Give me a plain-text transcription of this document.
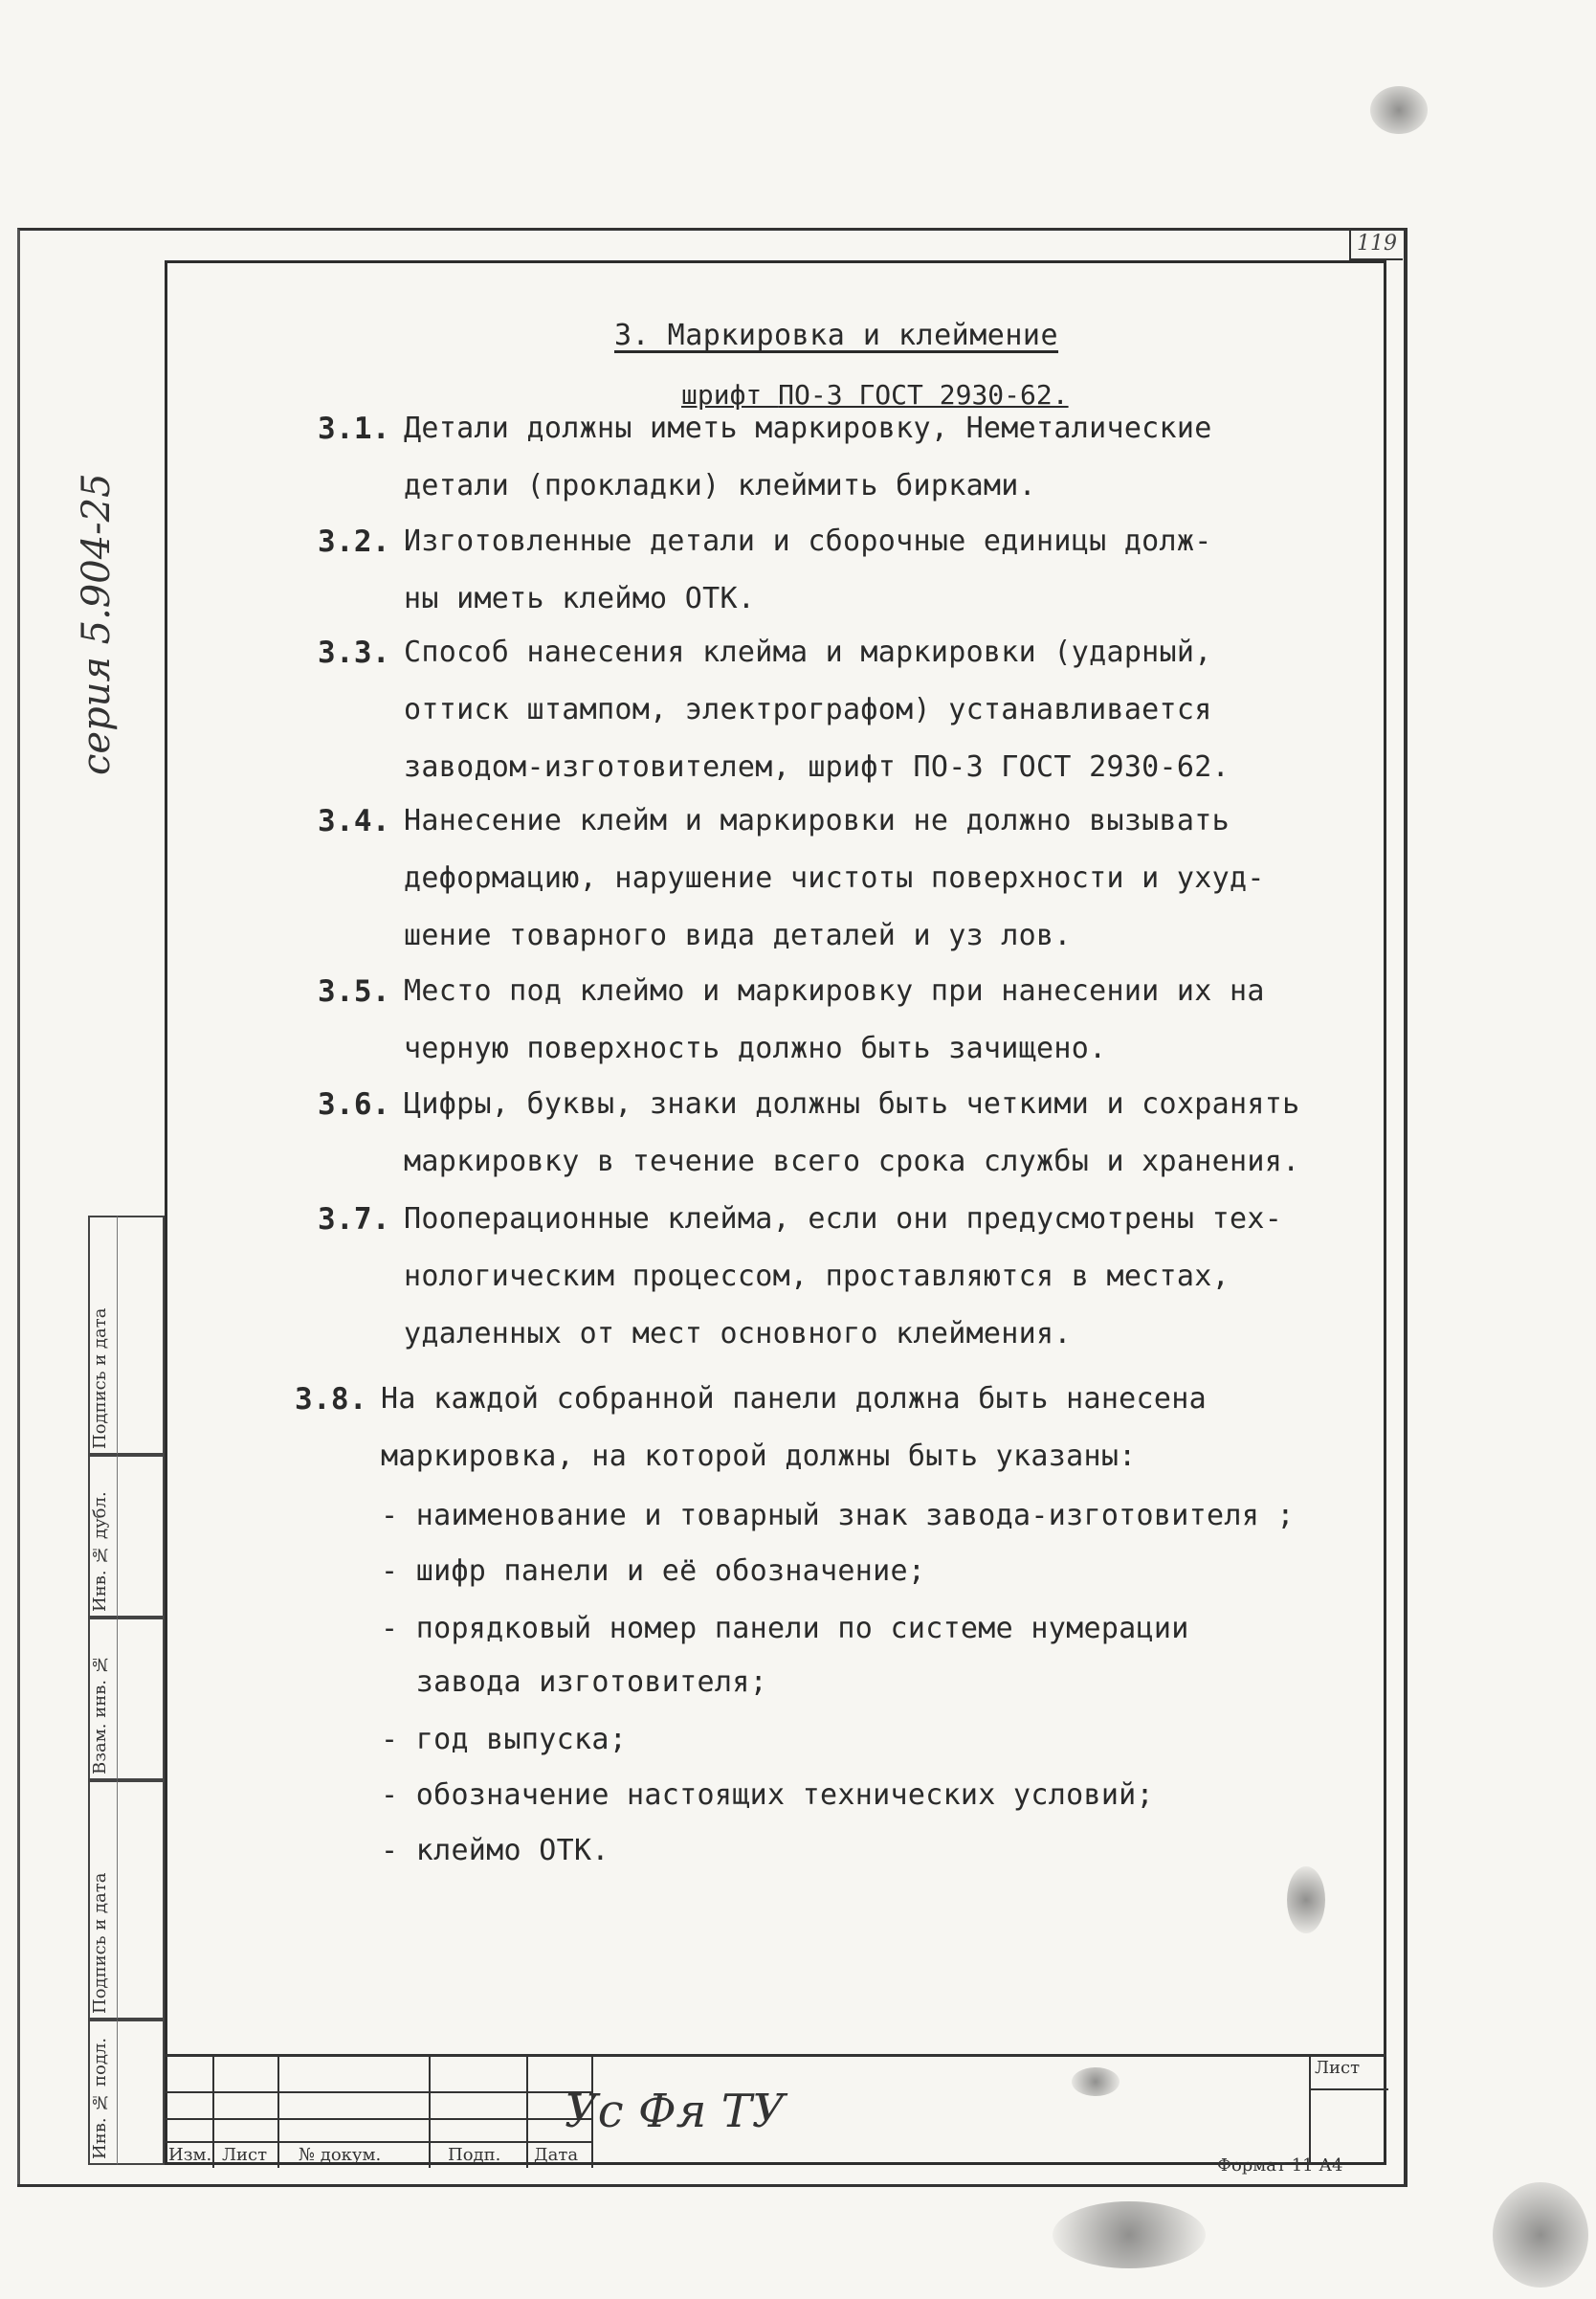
119
серия 5.904-25
3. Маркировка и клеймение
шрифт ПО-3 ГОСТ 2930-62.
3.1. Детали должны иметь маркировку, Неметалические
детали (прокладки) клеймить бирками.
3.2. Изготовленные детали и сборочные единицы долж-
ны иметь клеймо ОТК.
3.3. Способ нанесения клейма и маркировки (ударный,
оттиск штампом, электрографом) устанавливается
заводом-изготовителем, шрифт ПО-3 ГОСТ 2930-62.
3.4. Нанесение клейм и маркировки не должно вызывать
деформацию, нарушение чистоты поверхности и ухуд-
шение товарного вида деталей и уз лов.
3.5. Место под клеймо и маркировку при нанесении их на
черную поверхность должно быть зачищено.
3.6. Цифры, буквы, знаки должны быть четкими и сохранять
маркировку в течение всего срока службы и хранения.
3.7. Пооперационные клейма, если они предусмотрены тех-
нологическим процессом, проставляются в местах,
удаленных от мест основного клеймения.
3.8. На каждой собранной панели должна быть нанесена
маркировка, на которой должны быть указаны:
- наименование и товарный знак завода-изготовителя ;
- шифр панели и её обозначение;
- порядковый номер панели по системе нумерации
завода изготовителя;
- год выпуска;
- обозначение настоящих технических условий;
- клеймо ОТК.
Подпись и дата
Инв. № дубл.
Взам. инв. №
Подпись и дата
Инв. № подл.	Изм. Лист № докум.	Подп. Дата
Ус Фя ТУ
Лист
Формат 11 А4
